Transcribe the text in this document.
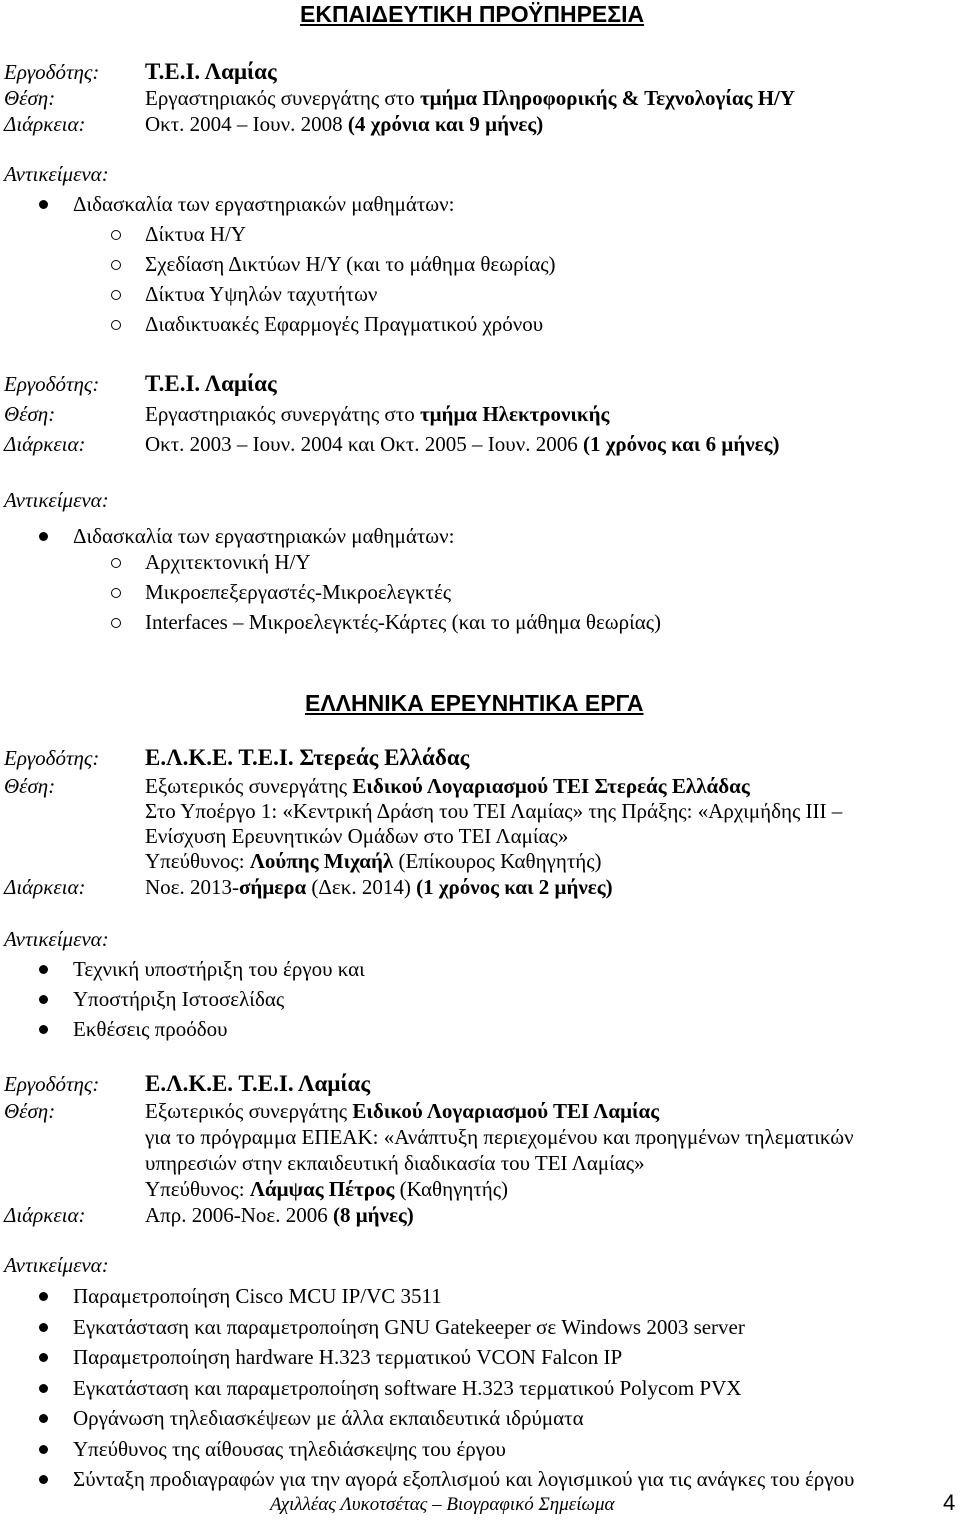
ΕΚΠΑΙΔΕΥΤΙΚΗ ΠΡΟΫΠΗΡΕΣΙΑ
Εργοδότης: Τ.Ε.Ι. Λαμίας
Θέση:	Εργαστηριακός συνεργάτης στο τμήμα Πληροφορικής & Τεχνολογίας Η/Υ
Διάρκεια:	Οκτ. 2004 – Ιουν. 2008 (4 χρόνια και 9 μήνες)
Αντικείμενα:
Διδασκαλία των εργαστηριακών μαθημάτων:
Δίκτυα Η/Υ
Σχεδίαση Δικτύων Η/Υ (και το μάθημα θεωρίας)
Δίκτυα Υψηλών ταχυτήτων
Διαδικτυακές Εφαρμογές Πραγματικού χρόνου
Εργοδότης: Τ.Ε.Ι. Λαμίας
Θέση:	Εργαστηριακός συνεργάτης στο τμήμα Ηλεκτρονικής
Διάρκεια:	Οκτ. 2003 – Ιουν. 2004 και Οκτ. 2005 – Ιουν. 2006 (1 χρόνος και 6 μήνες)
Αντικείμενα:
Διδασκαλία των εργαστηριακών μαθημάτων:
Αρχιτεκτονική Η/Υ
Μικροεπεξεργαστές-Μικροελεγκτές
Interfaces – Μικροελεγκτές-Κάρτες (και το μάθημα θεωρίας)
ΕΛΛΗΝΙΚΑ ΕΡΕΥΝΗΤΙΚΑ ΕΡΓΑ
Εργοδότης: Ε.Λ.Κ.Ε. Τ.Ε.Ι. Στερεάς Ελλάδας
Θέση:	Εξωτερικός συνεργάτης Ειδικού Λογαριασμού ΤΕΙ Στερεάς Ελλάδας
Στο Υποέργο 1: «Κεντρική Δράση του ΤΕΙ Λαμίας» της Πράξης: «Αρχιμήδης ΙΙΙ –
Ενίσχυση Ερευνητικών Ομάδων στο ΤΕΙ Λαμίας»
Υπεύθυνος: Λούπης Μιχαήλ (Επίκουρος Καθηγητής)
Διάρκεια:	Νοε. 2013-σήμερα (Δεκ. 2014) (1 χρόνος και 2 μήνες)
Αντικείμενα:
Τεχνική υποστήριξη του έργου και
Υποστήριξη Ιστοσελίδας
Εκθέσεις προόδου
Εργοδότης: Ε.Λ.Κ.Ε. Τ.Ε.Ι. Λαμίας
Θέση:	Εξωτερικός συνεργάτης Ειδικού Λογαριασμού ΤΕΙ Λαμίας
για το πρόγραμμα ΕΠΕΑΚ: «Ανάπτυξη περιεχομένου και προηγμένων τηλεματικών
υπηρεσιών στην εκπαιδευτική διαδικασία του ΤΕΙ Λαμίας»
Υπεύθυνος: Λάμψας Πέτρος (Καθηγητής)
Διάρκεια:	Απρ. 2006-Νοε. 2006 (8 μήνες)
Αντικείμενα:
Παραμετροποίηση Cisco MCU IP/VC 3511
Εγκατάσταση και παραμετροποίηση GNU Gatekeeper σε Windows 2003 server
Παραμετροποίηση hardware H.323 τερματικού VCON Falcon IP
Εγκατάσταση και παραμετροποίηση software H.323 τερματικού Polycom PVX
Οργάνωση τηλεδιασκέψεων με άλλα εκπαιδευτικά ιδρύματα
Υπεύθυνος της αίθουσας τηλεδιάσκεψης του έργου
Σύνταξη προδιαγραφών για την αγορά εξοπλισμού και λογισμικού για τις ανάγκες του έργου
Αχιλλέας Λυκοτσέτας – Βιογραφικό Σημείωμα	4
